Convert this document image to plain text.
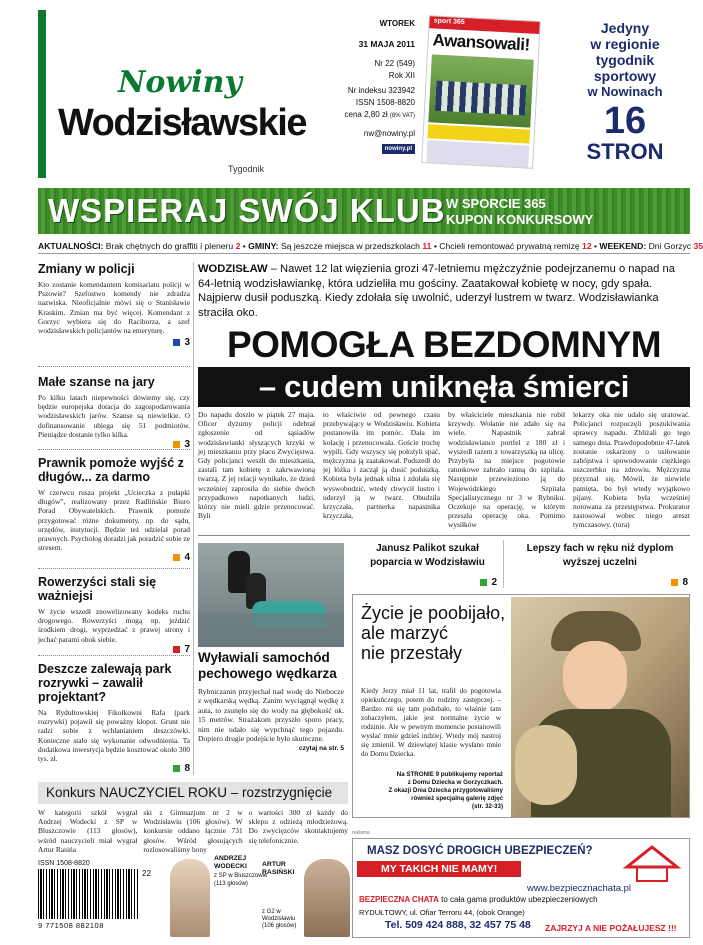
Nowiny
Wodzisławskie
Tygodnik
WTOREK
31 MAJA 2011
Nr 22 (549)
Rok XII
Nr indeksu 323942
ISSN 1508-8820
cena 2,80 zł (8% VAT)
nw@nowiny.pl
nowiny.pl
sport 365
Awansowali!
Jedyny
w regionie
tygodnik
sportowy
w Nowinach
16
STRON
WSPIERAJ SWÓJ KLUB W SPORCIE 365
KUPON KONKURSOWY
AKTUALNOŚCI: Brak chętnych do graffiti i pleneru 2 • GMINY: Są jeszcze miejsca w przedszkolach 11 • Chcieli remontować prywatną remizę 12 • WEEKEND: Dni Gorzyc 35
Zmiany w policji
Kto zostanie komendantem komisariatu policji w Pszowie? Szefostwo komendy nie zdradza nazwiska. Nieoficjalnie mówi się o Stanisławie Kraskim. Zmian ma być więcej. Komendant z Gorzyc wybiera się do Raciborza, a szef wodzisławskich policjantów na emeryturę.
3
Małe szanse na jary
Po kilku latach niepewności dowiemy się, czy będzie europejska dotacja do zagospodarowania wodzisławskich jarów. Szanse są niewielkie. O dofinansowanie ubiega się 51 podmiotów. Pieniądze dostanie tylko kilka.
3
Prawnik pomoże wyjść z długów... za darmo
W czerwcu rusza projekt „Ucieczka z pułapki długów”, realizowany przez Radlińskie Biuro Porad Obywatelskich. Prawnik pomoże przygotować różne dokumenty, np. do sądu, urzędów, instytucji. Będzie też udzielał porad prawnych. Psycholog doradzi jak poradzić sobie ze stresem.
4
Rowerzyści stali się ważniejsi
W życie wszedł znowelizowany kodeks ruchu drogowego. Rowerzyści mogą np. jeździć środkiem drogi, wyprzedzać z prawej strony i jechać parami obok siebie.
7
Deszcze zalewają park rozrywki – zawalił projektant?
Na Rydułtowskiej Fikołkowni Rafa (park rozrywki) pojawił się poważny kłopot. Grunt nie radzi sobie z wchłanianiem deszczówki. Konieczne stało się wykonanie odwodnienia. Ta dodatkowa inwestycja będzie kosztować około 300 tys. zł.
8
WODZISŁAW – Nawet 12 lat więzienia grozi 47-letniemu mężczyźnie podejrzanemu o napad na 64-letnią wodzisławiankę, która udzieliła mu gościny. Zaatakował kobietę w nocy, gdy spała. Najpierw dusił poduszką. Kiedy zdołała się uwolnić, uderzył lustrem w twarz. Wodzisławianka straciła oko.
POMOGŁA BEZDOMNYM
– cudem uniknęła śmierci
Do napadu doszło w piątek 27 maja. Oficer dyżurny policji odebrał zgłoszenie od sąsiadów wodzisławianki słyszących krzyki w jej mieszkaniu przy placu Zwycięstwa. Gdy policjanci weszli do mieszkania, zastali tam kobietę z zakrwawioną twarzą. Z jej relacji wynikało, że dzień wcześniej zaprosiła do siebie dwóch przypadkowo napotkanych ludzi, którzy nie mieli gdzie przenocować. Byli
to właściwie od pewnego czasu przebywający w Wodzisławiu. Kobieta postanowiła im pomóc. Dała im kolację i przenocowała. Goście trochę wypili. Gdy wszyscy się położyli spać, mężczyzna ją zaatakował. Podszedł do jej łóżka i zaczął ją dusić poduszką. Kobieta była jednak silna i zdołała się wyswobodzić, wtedy chwycił lustro i uderzył ją w twarz. Obudziła krzyczała, partnerka napastnika krzyczała,
by właściciele mieszkania nie robił krzywdy. Wołanie nie zdało się na wiele. Napastnik zabrał wodzisławiance portfel z 180 zł i wyszedł razem z towarzyszką na ulicę. Przybyła na miejsce pogotowie ratunkowe zabrało ranną do szpitala. Następnie przewieziono ją do Wojewódzkiego Szpitala Specjalistycznego nr 3 w Rybniku. Oczekuje na operację, w którym przeszła operację oka. Pomimo wysiłków
lekarzy oka nie udało się uratować. Policjanci rozpoczęli poszukiwania sprawcy napadu. Zbliżali go tego samego dnia. Prawdopodobnie 47-latek zostanie oskarżony o usiłowanie zabójstwa i spowodowanie ciężkiego uszczerbku na zdrowiu. Mężczyzna przyznał się. Mówił, że niewiele pamięta, bo był wtedy wyjątkowo pijany. Kobieta była wcześniej notowana za przestępstwa. Prokurator zastosował wobec niego areszt tymczasowy. (tora)
Janusz Palikot szukał poparcia w Wodzisławiu
2
Lepszy fach w ręku niż dyplom wyższej uczelni
8
Wyławiali samochód pechowego wędkarza
Rybniczanin przyjechał nad wodę do Niebocze z wędkarską wędką. Zanim wyciągnął wędkę z auta, to zsunęło się do wody na głębokość ok. 15 metrów. Strażakom przyszło sporo pracy, nim nie udało się wypchnąć tego pojazdu. Dopiero drugie podejście było skuteczne.
czytaj na str. 5
Życie je poobijało,
ale marzyć
nie przestały
Kiedy Jerzy miał 11 lat, trafił do pogotowia opiekuńczego, potem do rodziny zastępczej. – Bardzo mi się tam podobało, to właśnie tam zobaczyłem, jakie jest normalne życie w rodzinie. Ale w pewnym momencie postanowili wysłać mnie gdzieś indziej. Wtedy mój nastroj się zmienił. W dziewiątej klasie wysłano mnie do Domu Dziecka.
Na STRONIE 9 publikujemy reportaż
z Domu Dziecka w Gorzyczkach.
Z okazji Dnia Dziecka przygotowaliśmy
również specjalną galerię zdjęć
(str. 32-33)
Konkurs NAUCZYCIEL ROKU – rozstrzygnięcie
W kategorii szkół wygrał Andrzej Wodecki z SP w Bluszczowie (113 głosów), wśród nauczycieli miał wygrał Artur Rasińa
ski z Gimnazjum nr 2 w Wodzisławiu (106 głosów). W konkursie oddano łącznie 731 głosów. Wśród głosujących rozlosowaliśmy bony
o wartości 300 zł każdy do sklepu z odzieżą młodzieżową. Do zwycięzców skontaktujemy się telefonicznie.
ANDRZEJ WODECKI
z SP w Bluszczowie
(113 głosów)
ARTUR RASIŃSKI
z G2 w Wodzisławiu
(106 głosów)
ISSN 1508-8820
22
9 771508 882108
reklama
MASZ DOSYĆ DROGICH UBEZPIECZEŃ?
MY TAKICH NIE MAMY!
www.bezpiecznachata.pl
BEZPIECZNA CHATA to cała gama produktów ubezpieczeniowych
RYDUŁTOWY, ul. Ofiar Terroru 44, (obok Orange)
Tel. 509 424 888, 32 457 75 48 ZAJRZYJ A NIE POŻAŁUJESZ !!!
